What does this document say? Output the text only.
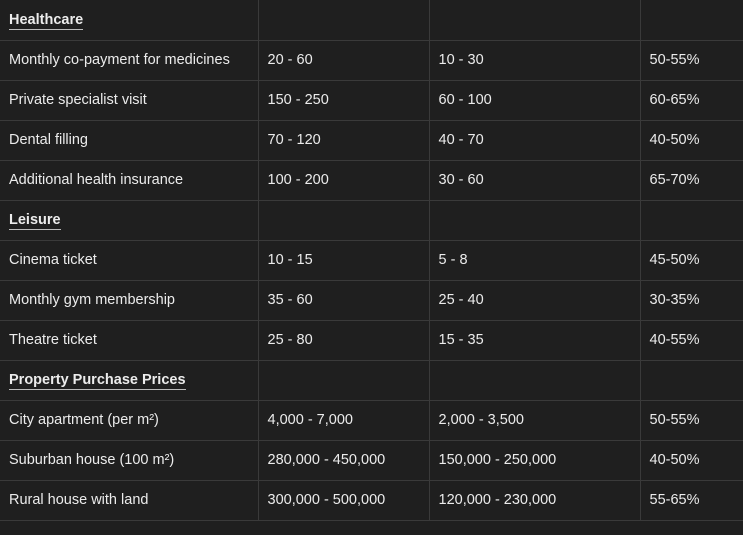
Healthcare			
Monthly co-payment for medicines	20 - 60	10 - 30	50-55%
Private specialist visit	150 - 250	60 - 100	60-65%
Dental filling	70 - 120	40 - 70	40-50%
Additional health insurance	100 - 200	30 - 60	65-70%
Leisure			
Cinema ticket	10 - 15	5 - 8	45-50%
Monthly gym membership	35 - 60	25 - 40	30-35%
Theatre ticket	25 - 80	15 - 35	40-55%
Property Purchase Prices			
City apartment (per m²)	4,000 - 7,000	2,000 - 3,500	50-55%
Suburban house (100 m²)	280,000 - 450,000	150,000 - 250,000	40-50%
Rural house with land	300,000 - 500,000	120,000 - 230,000	55-65%
